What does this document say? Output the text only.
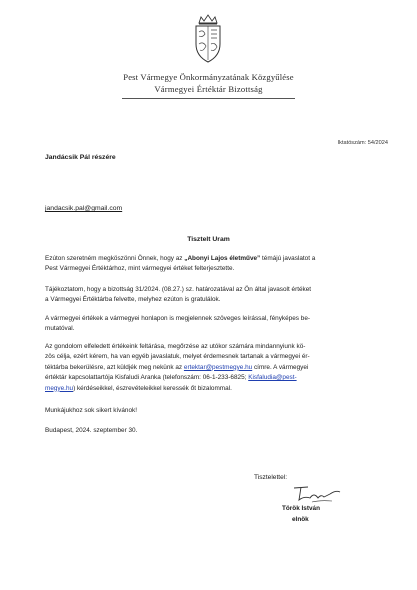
Pest Vármegye Önkormányzatának Közgyűlése
Vármegyei Értéktár Bizottság
Iktatószám: 54/2024
Jandácsik Pál részére
jandacsik.pal@gmail.com
Tisztelt Uram
Ezúton szeretném megköszönni Önnek, hogy az „Abonyi Lajos életműve” témájú javaslatot a
Pest Vármegyei Értéktárhoz, mint vármegyei értéket felterjesztette.
Tájékoztatom, hogy a bizottság 31/2024. (08.27.) sz. határozatával az Ön által javasolt értéket
a Vármegyei Értéktárba felvette, melyhez ezúton is gratulálok.
A vármegyei értékek a vármegyei honlapon is megjelennek szöveges leírással, fényképes be-
mutatóval.
Az gondolom elfeledett értékeink feltárása, megőrzése az utókor számára mindannyiunk kö-
zös célja, ezért kérem, ha van egyéb javaslatuk, melyet érdemesnek tartanak a vármegyei ér-
téktárba bekerülésre, azt küldjék meg nekünk az ertektar@pestmegye.hu címre. A vármegyei
értéktár kapcsolattartója Kisfaludi Aranka (telefonszám: 06-1-233-6825; Kisfaludia@pest-
megye.hu) kérdéseikkel, észrevételeikkel keressék őt bizalommal.
Munkájukhoz sok sikert kívánok!
Budapest, 2024. szeptember 30.
Tisztelettel:
Török István
elnök
